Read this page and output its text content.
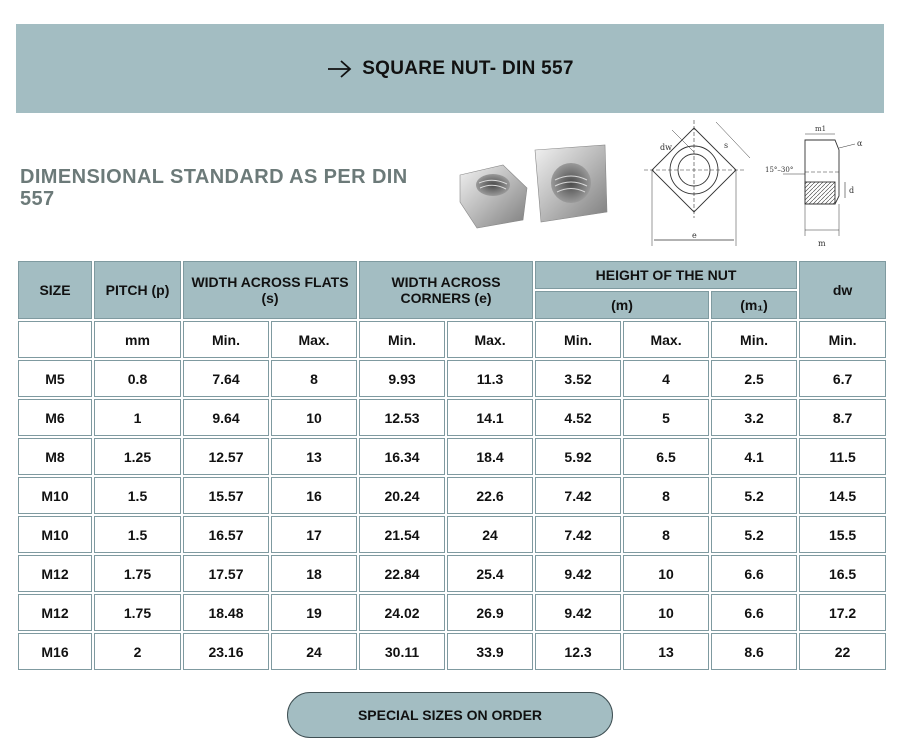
SQUARE NUT- DIN 557
DIMENSIONAL STANDARD AS PER DIN 557
dw	s
e
m1
15°–30°
α
d
m
SIZE	PITCH (p)	WIDTH ACROSS FLATS (s)		WIDTH ACROSS CORNERS (e)		HEIGHT OF THE NUT			dw
						(m)		(m₁)	
	mm	Min.	Max.	Min.	Max.	Min.	Max.	Min.	Min.
M5	0.8	7.64	8	9.93	11.3	3.52	4	2.5	6.7
M6	1	9.64	10	12.53	14.1	4.52	5	3.2	8.7
M8	1.25	12.57	13	16.34	18.4	5.92	6.5	4.1	11.5
M10	1.5	15.57	16	20.24	22.6	7.42	8	5.2	14.5
M10	1.5	16.57	17	21.54	24	7.42	8	5.2	15.5
M12	1.75	17.57	18	22.84	25.4	9.42	10	6.6	16.5
M12	1.75	18.48	19	24.02	26.9	9.42	10	6.6	17.2
M16	2	23.16	24	30.11	33.9	12.3	13	8.6	22
SPECIAL SIZES ON ORDER
